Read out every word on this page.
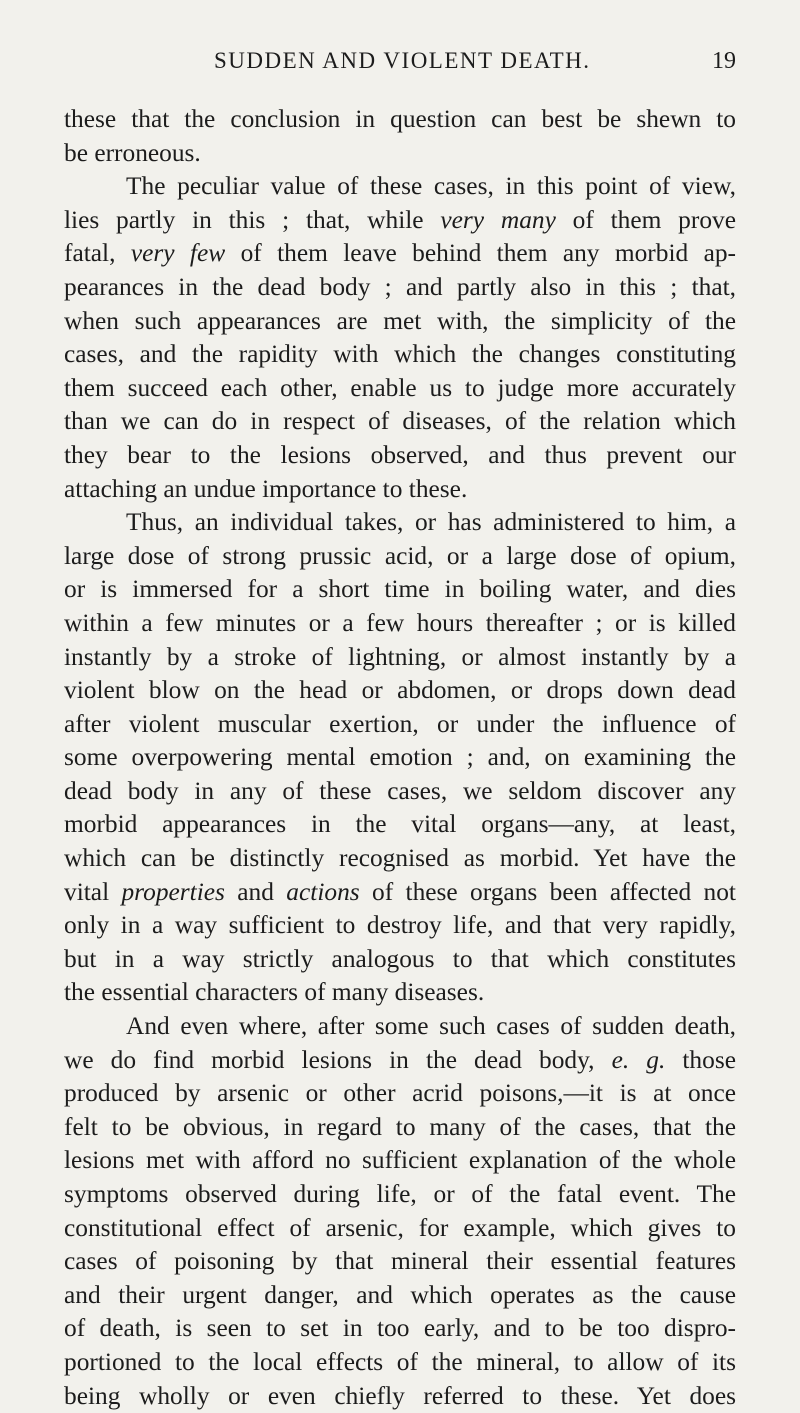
SUDDEN AND VIOLENT DEATH.	19
these that the conclusion in question can best be shewn to
be erroneous.
The peculiar value of these cases, in this point of view,
lies partly in this ; that, while very many of them prove
fatal, very few of them leave behind them any morbid ap-
pearances in the dead body ; and partly also in this ; that,
when such appearances are met with, the simplicity of the
cases, and the rapidity with which the changes constituting
them succeed each other, enable us to judge more accurately
than we can do in respect of diseases, of the relation which
they bear to the lesions observed, and thus prevent our
attaching an undue importance to these.
Thus, an individual takes, or has administered to him, a
large dose of strong prussic acid, or a large dose of opium,
or is immersed for a short time in boiling water, and dies
within a few minutes or a few hours thereafter ; or is killed
instantly by a stroke of lightning, or almost instantly by a
violent blow on the head or abdomen, or drops down dead
after violent muscular exertion, or under the influence of
some overpowering mental emotion ; and, on examining the
dead body in any of these cases, we seldom discover any
morbid appearances in the vital organs—any, at least,
which can be distinctly recognised as morbid. Yet have the
vital properties and actions of these organs been affected not
only in a way sufficient to destroy life, and that very rapidly,
but in a way strictly analogous to that which constitutes
the essential characters of many diseases.
And even where, after some such cases of sudden death,
we do find morbid lesions in the dead body, e. g. those
produced by arsenic or other acrid poisons,—it is at once
felt to be obvious, in regard to many of the cases, that the
lesions met with afford no sufficient explanation of the whole
symptoms observed during life, or of the fatal event. The
constitutional effect of arsenic, for example, which gives to
cases of poisoning by that mineral their essential features
and their urgent danger, and which operates as the cause
of death, is seen to set in too early, and to be too dispro-
portioned to the local effects of the mineral, to allow of its
being wholly or even chiefly referred to these. Yet does
